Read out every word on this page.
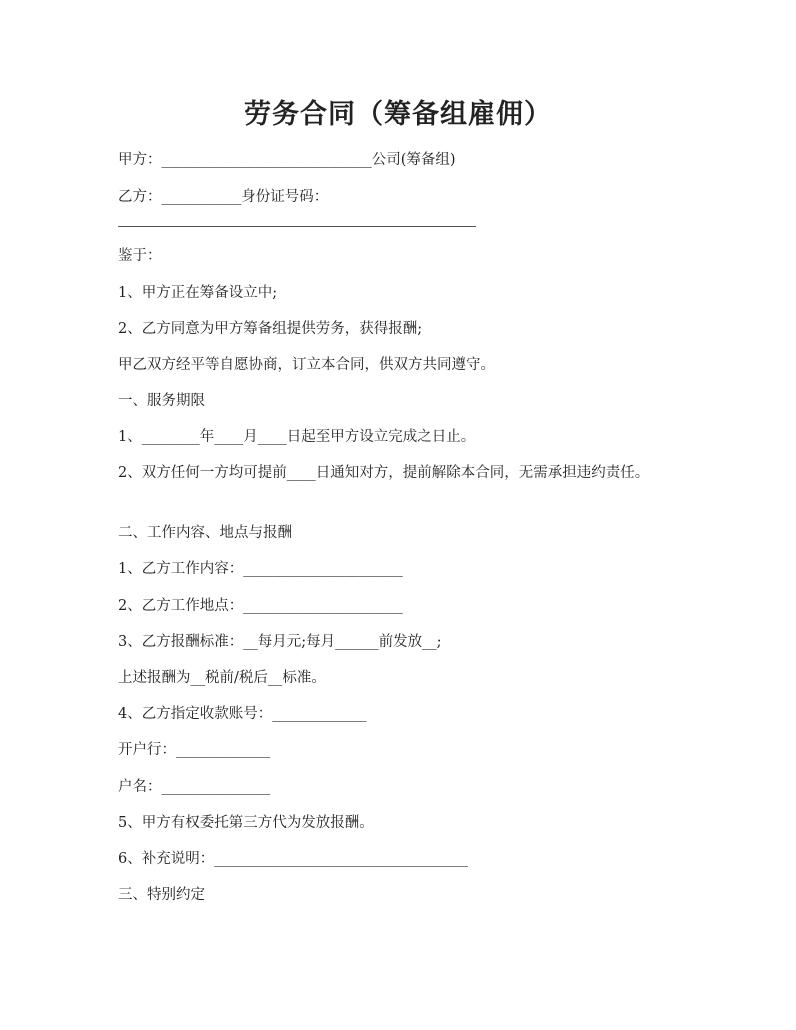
劳务合同（筹备组雇佣）
甲方：_____________________________公司(筹备组)
乙方：___________身份证号码：
鉴于：
1、甲方正在筹备设立中;
2、乙方同意为甲方筹备组提供劳务，获得报酬;
甲乙双方经平等自愿协商，订立本合同，供双方共同遵守。
一、服务期限
1、________年____月____日起至甲方设立完成之日止。
2、双方任何一方均可提前____日通知对方，提前解除本合同，无需承担违约责任。
二、工作内容、地点与报酬
1、乙方工作内容：______________________
2、乙方工作地点：______________________
3、乙方报酬标准：__每月元;每月______前发放__;
上述报酬为__税前/税后__标准。
4、乙方指定收款账号：_____________
开户行：_____________
户名：_______________
5、甲方有权委托第三方代为发放报酬。
6、补充说明：___________________________________
三、特别约定
